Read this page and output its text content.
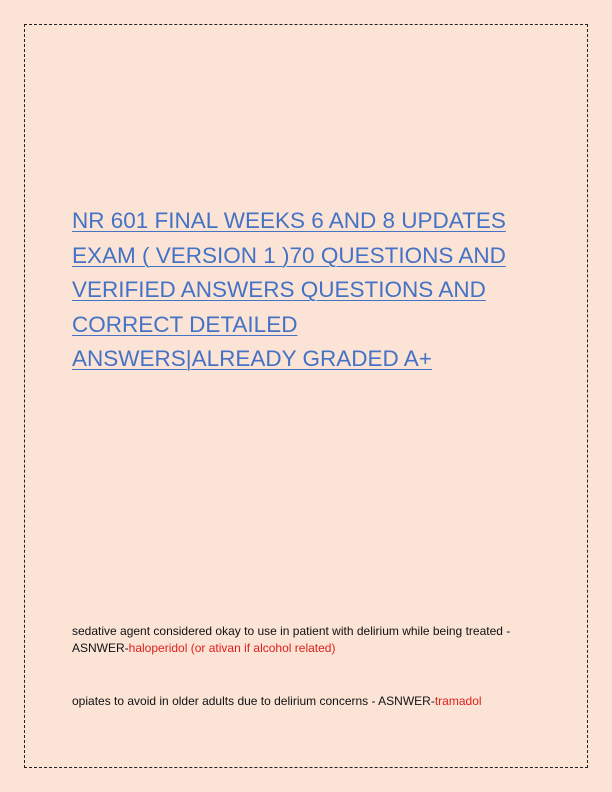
NR 601 FINAL WEEKS 6 AND 8 UPDATES EXAM ( VERSION 1 )70 QUESTIONS AND VERIFIED ANSWERS QUESTIONS AND CORRECT DETAILED ANSWERS|ALREADY GRADED A+

sedative agent considered okay to use in patient with delirium while being treated - ASNWER-haloperidol (or ativan if alcohol related)

opiates to avoid in older adults due to delirium concerns - ASNWER-tramadol
